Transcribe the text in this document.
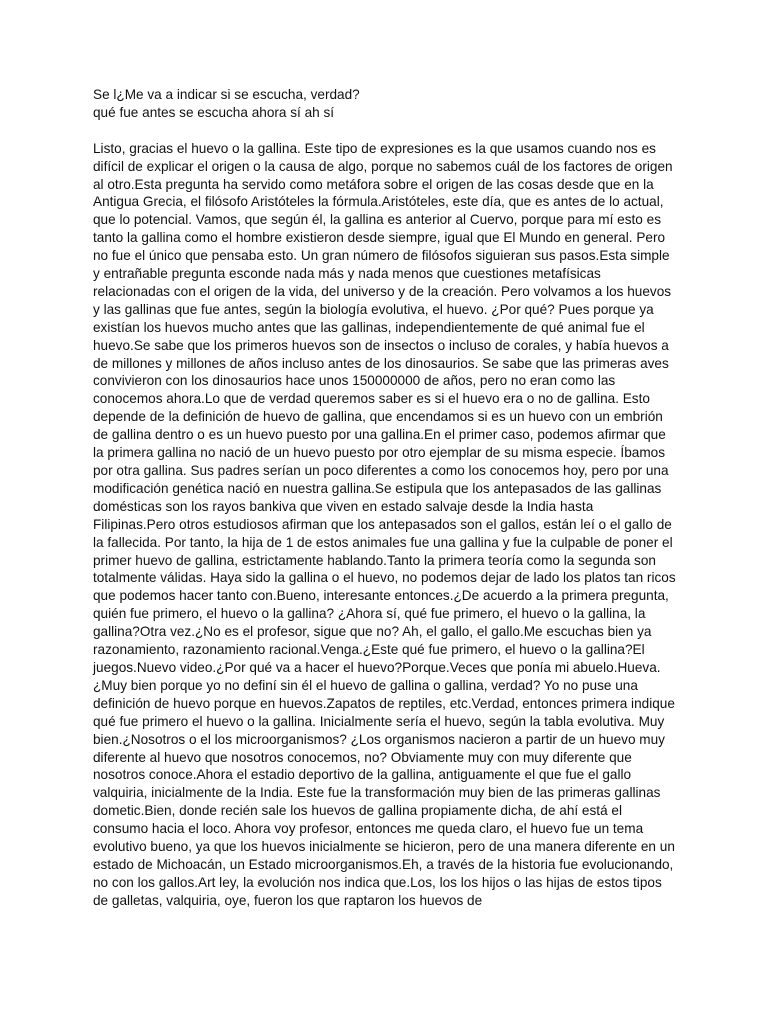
Se l¿Me va a indicar si se escucha, verdad?

qué fue antes se escucha ahora sí ah sí

Listo, gracias el huevo o la gallina. Este tipo de expresiones es la que usamos cuando nos es difícil de explicar el origen o la causa de algo, porque no sabemos cuál de los factores de origen al otro.Esta pregunta ha servido como metáfora sobre el origen de las cosas desde que en la Antigua Grecia, el filósofo Aristóteles la fórmula.Aristóteles, este día, que es antes de lo actual, que lo potencial. Vamos, que según él, la gallina es anterior al Cuervo, porque para mí esto es tanto la gallina como el hombre existieron desde siempre, igual que El Mundo en general. Pero no fue el único que pensaba esto. Un gran número de filósofos siguieran sus pasos.Esta simple y entrañable pregunta esconde nada más y nada menos que cuestiones metafísicas relacionadas con el origen de la vida, del universo y de la creación. Pero volvamos a los huevos y las gallinas que fue antes, según la biología evolutiva, el huevo. ¿Por qué? Pues porque ya existían los huevos mucho antes que las gallinas, independientemente de qué animal fue el huevo.Se sabe que los primeros huevos son de insectos o incluso de corales, y había huevos a de millones y millones de años incluso antes de los dinosaurios. Se sabe que las primeras aves convivieron con los dinosaurios hace unos 150000000 de años, pero no eran como las conocemos ahora.Lo que de verdad queremos saber es si el huevo era o no de gallina. Esto depende de la definición de huevo de gallina, que encendamos si es un huevo con un embrión de gallina dentro o es un huevo puesto por una gallina.En el primer caso, podemos afirmar que la primera gallina no nació de un huevo puesto por otro ejemplar de su misma especie. Íbamos por otra gallina. Sus padres serían un poco diferentes a como los conocemos hoy, pero por una modificación genética nació en nuestra gallina.Se estipula que los antepasados de las gallinas domésticas son los rayos bankiva que viven en estado salvaje desde la India hasta Filipinas.Pero otros estudiosos afirman que los antepasados son el gallos, están leí o el gallo de la fallecida. Por tanto, la hija de 1 de estos animales fue una gallina y fue la culpable de poner el primer huevo de gallina, estrictamente hablando.Tanto la primera teoría como la segunda son totalmente válidas. Haya sido la gallina o el huevo, no podemos dejar de lado los platos tan ricos que podemos hacer tanto con.Bueno, interesante entonces.¿De acuerdo a la primera pregunta, quién fue primero, el huevo o la gallina? ¿Ahora sí, qué fue primero, el huevo o la gallina, la gallina?Otra vez.¿No es el profesor, sigue que no? Ah, el gallo, el gallo.Me escuchas bien ya razonamiento, razonamiento racional.Venga.¿Este qué fue primero, el huevo o la gallina?El juegos.Nuevo video.¿Por qué va a hacer el huevo?Porque.Veces que ponía mi abuelo.Hueva.¿Muy bien porque yo no definí sin él el huevo de gallina o gallina, verdad? Yo no puse una definición de huevo porque en huevos.Zapatos de reptiles, etc.Verdad, entonces primera indique qué fue primero el huevo o la gallina. Inicialmente sería el huevo, según la tabla evolutiva. Muy bien.¿Nosotros o el los microorganismos? ¿Los organismos nacieron a partir de un huevo muy diferente al huevo que nosotros conocemos, no? Obviamente muy con muy diferente que nosotros conoce.Ahora el estadio deportivo de la gallina, antiguamente el que fue el gallo valquiria, inicialmente de la India. Este fue la transformación muy bien de las primeras gallinas dometic.Bien, donde recién sale los huevos de gallina propiamente dicha, de ahí está el consumo hacia el loco. Ahora voy profesor, entonces me queda claro, el huevo fue un tema evolutivo bueno, ya que los huevos inicialmente se hicieron, pero de una manera diferente en un estado de Michoacán, un Estado microorganismos.Eh, a través de la historia fue evolucionando, no con los gallos.Art ley, la evolución nos indica que.Los, los los hijos o las hijas de estos tipos de galletas, valquiria, oye, fueron los que raptaron los huevos de
